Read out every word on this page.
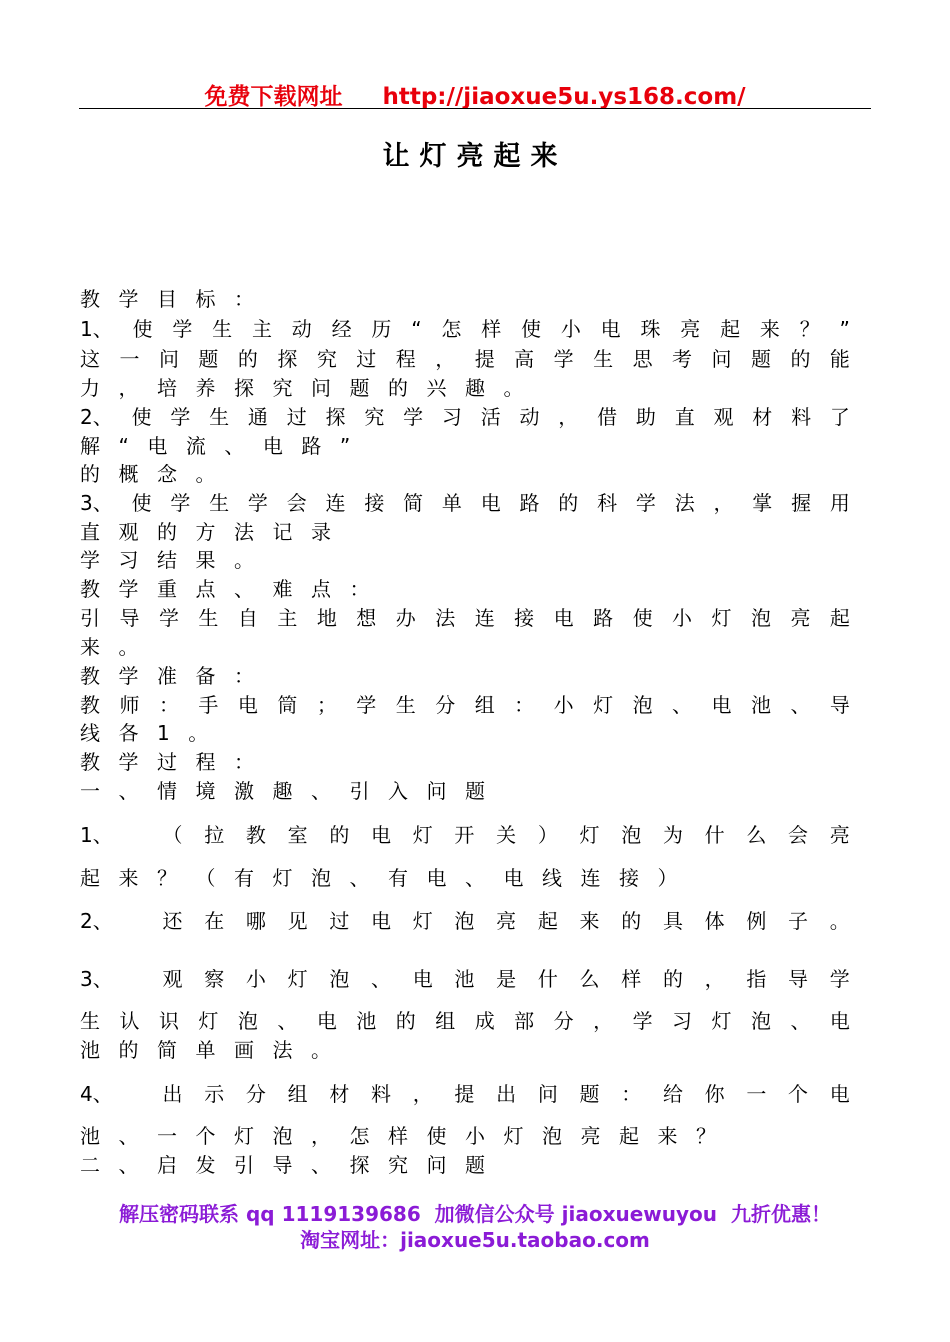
免费下载网址 http://jiaoxue5u.ys168.com/
让灯亮起来
教学目标：
1、 使 学 生 主 动 经 历 “ 怎 样 使 小 电 珠 亮 起 来 ？ ”
这 一 问 题 的 探 究 过 程 ， 提 高 学 生 思 考 问 题 的 能
力，培养探究问题的兴趣。
2、 使 学 生 通 过 探 究 学 习 活 动 ， 借 助 直 观 材 料 了
解“电流、电路”
的概念。
3、 使 学 生 学 会 连 接 简 单 电 路 的 科 学 法 ， 掌 握 用
直观的方法记录
学习结果。
教学重点、难点：
引 导 学 生 自 主 地 想 办 法 连 接 电 路 使 小 灯 泡 亮 起
来。
教学准备：
教 师 ： 手 电 筒 ； 学 生 分 组 ： 小 灯 泡 、 电 池 、 导
线各1。
教学过程：
一、情境激趣、引入问题
1、
（ 拉 教 室 的 电 灯 开 关 ） 灯 泡 为 什 么 会 亮
起来？（有灯泡、有电、电线连接）
2、
还 在 哪 见 过 电 灯 泡 亮 起 来 的 具 体 例 子 。
3、
观 察 小 灯 泡 、 电 池 是 什 么 样 的 ， 指 导 学
生 认 识 灯 泡 、 电 池 的 组 成 部 分 ， 学 习 灯 泡 、 电
池的简单画法。
4、
出 示 分 组 材 料 ， 提 出 问 题 ： 给 你 一 个 电
池、一个灯泡，怎样使小灯泡亮起来？
二、启发引导、探究问题
解压密码联系 qq 1119139686  加微信公众号 jiaoxuewuyou  九折优惠！
淘宝网址：jiaoxue5u.taobao.com
